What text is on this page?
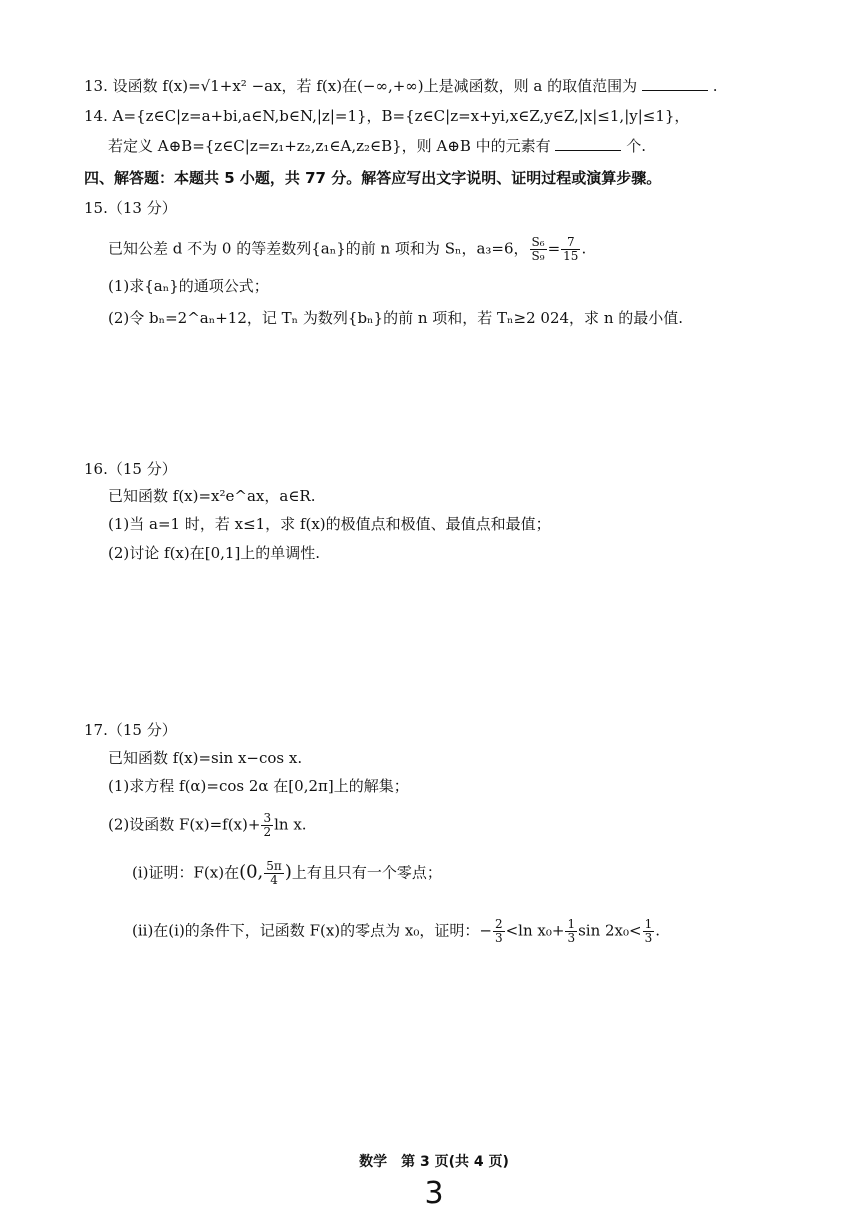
13. 设函数 f(x)=√1+x² −ax，若 f(x)在(−∞,+∞)上是减函数，则 a 的取值范围为	.
14. A={z∈C|z=a+bi,a∈N,b∈N,|z|=1}，B={z∈C|z=x+yi,x∈Z,y∈Z,|x|≤1,|y|≤1}，
若定义 A⊕B={z∈C|z=z₁+z₂,z₁∈A,z₂∈B}，则 A⊕B 中的元素有	个.
四、解答题：本题共 5 小题，共 77 分。解答应写出文字说明、证明过程或演算步骤。
15.（13 分）
已知公差 d 不为 0 的等差数列{aₙ}的前 n 项和为 Sₙ，a₃=6， $\frac{\text{S₆}}{\text{S₉}} = \frac{7}{15}$ .
(1)求{aₙ}的通项公式；
(2)令 bₙ=2^aₙ+12，记 Tₙ 为数列{bₙ}的前 n 项和，若 Tₙ≥2 024，求 n 的最小值.
16.（15 分）
已知函数 f(x)=x²e^ax，a∈R.
(1)当 a=1 时，若 x≤1，求 f(x)的极值点和极值、最值点和最值；
(2)讨论 f(x)在[0,1]上的单调性.
17.（15 分）
已知函数 f(x)=sin x−cos x.
(1)求方程 f(α)=cos 2α 在[0,2π]上的解集；
(2)设函数 $F(x)=f(x)+ \frac{3}{2}$ ln x.
(i)证明：F(x)在(0, $\frac{5\pi}{4}$ )上有且只有一个零点；
(ii)在(i)的条件下，记函数 F(x)的零点为 x₀，证明：− $\frac{2}{3} <\ln$ $x_0+ \frac{1}{3}$ $\sin 2x_0< \frac{1}{3}$ .
数学　第 3 页(共 4 页)
3
